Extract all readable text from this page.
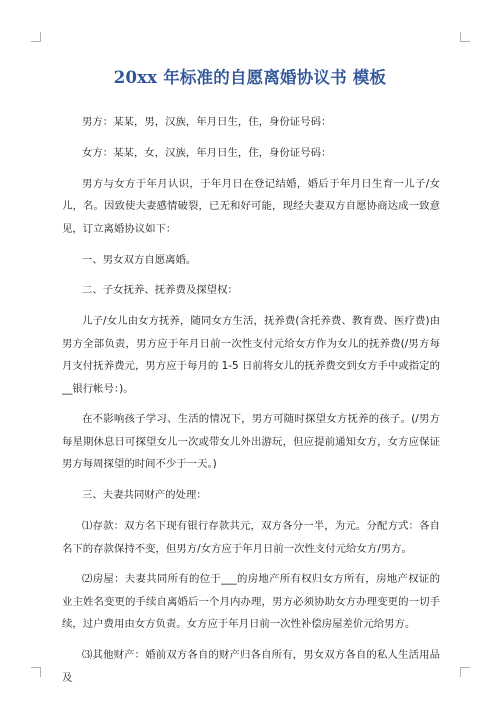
20xx 年标准的自愿离婚协议书 模板

男方：某某，男，汉族，年月日生，住，身份证号码：

女方：某某，女，汉族，年月日生，住，身份证号码：

男方与女方于年月认识，于年月日在登记结婚，婚后于年月日生育一儿子/女儿，名。因致使夫妻感情破裂，已无和好可能，现经夫妻双方自愿协商达成一致意见，订立离婚协议如下：

一、男女双方自愿离婚。

二、子女抚养、抚养费及探望权：

儿子/女儿由女方抚养，随同女方生活，抚养费(含托养费、教育费、医疗费)由男方全部负责，男方应于年月日前一次性支付元给女方作为女儿的抚养费(/男方每月支付抚养费元，男方应于每月的 1-5 日前将女儿的抚养费交到女方手中或指定的__银行帐号：)。

在不影响孩子学习、生活的情况下，男方可随时探望女方抚养的孩子。(/男方每星期休息日可探望女儿一次或带女儿外出游玩，但应提前通知女方，女方应保证男方每周探望的时间不少于一天。)

三、夫妻共同财产的处理：

⑴存款：双方名下现有银行存款共元，双方各分一半，为元。分配方式：各自名下的存款保持不变，但男方/女方应于年月日前一次性支付元给女方/男方。

⑵房屋：夫妻共同所有的位于___的房地产所有权归女方所有，房地产权证的业主姓名变更的手续自离婚后一个月内办理，男方必须协助女方办理变更的一切手续，过户费用由女方负责。女方应于年月日前一次性补偿房屋差价元给男方。

⑶其他财产：婚前双方各自的财产归各自所有，男女双方各自的私人生活用品及
